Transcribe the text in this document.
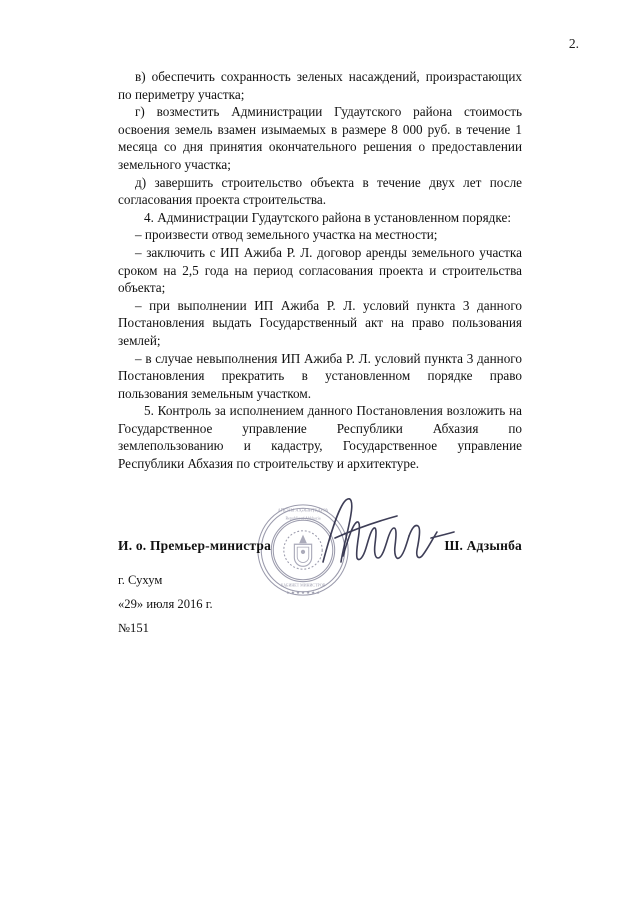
2.

в) обеспечить сохранность зеленых насаждений, произрастающих по периметру участка;

г) возместить Администрации Гудаутского района стоимость освоения земель взамен изымаемых в размере 8 000 руб. в течение 1 месяца со дня принятия окончательного решения о предоставлении земельного участка;

д) завершить строительство объекта в течение двух лет после согласования проекта строительства.

4. Администрации Гудаутского района в установленном порядке:

– произвести отвод земельного участка на местности;

– заключить с ИП Ажиба Р. Л. договор аренды земельного участка сроком на 2,5 года на период согласования проекта и строительства объекта;

– при выполнении ИП Ажиба Р. Л. условий пункта 3 данного Постановления выдать Государственный акт на право пользования землей;

– в случае невыполнения ИП Ажиба Р. Л. условий пункта 3 данного Постановления прекратить в установленном порядке право пользования земельным участком.

5. Контроль за исполнением данного Постановления возложить на Государственное управление Республики Абхазия по землепользованию и кадастру, Государственное управление Республики Абхазия по строительству и архитектуре.

АԤСНЫ АҲӘЫНҬҚАРРА
★ ★ ★ ★ ★ ★ ★
Republic of Abkhazia
КАБИНЕТ МИНИСТРОВ
И. о. Премьер-министра	Ш. Адзынба
г. Сухум
«29» июля 2016 г.
№151
